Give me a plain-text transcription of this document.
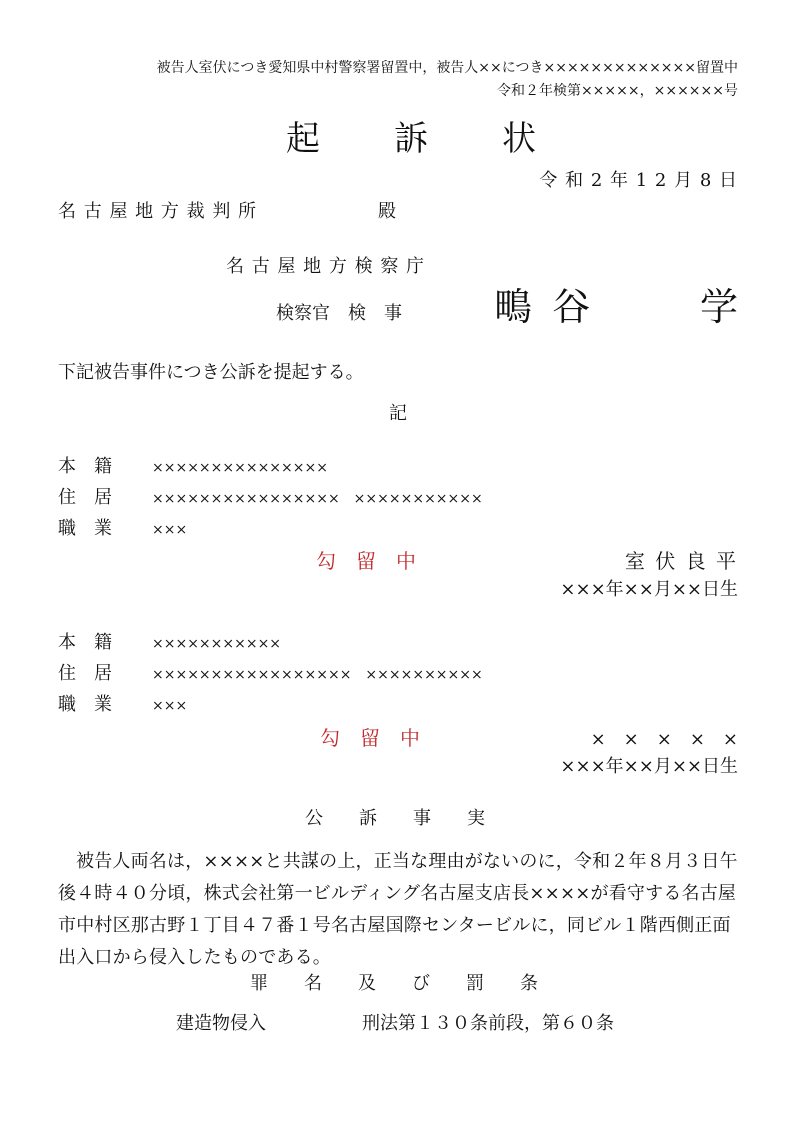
被告人室伏につき愛知県中村警察署留置中，被告人××につき×××××××××××××留置中
令和２年検第×××××，××××××号
起　　訴　　状
令 和 2 年 1 2 月 8 日
名 古 屋 地 方 裁 判 所	殿
名 古 屋 地 方 検 察 庁
検察官　検　事 鴫 谷	学
下記被告事件につき公訴を提起する。
記
本　籍	×××××××××××××××
住　居	××××××××××××××××　×××××××××××
職　業	×××
勾　留　中	室 伏 良 平
×××年××月××日生
本　籍	×××××××××××
住　居	×××××××××××××××××　××××××××××
職　業	×××
勾　留　中	×　×　×　×　×
×××年××月××日生
公　　訴　　事　　実
被告人両名は，××××と共謀の上，正当な理由がないのに，令和２年８月３日午後４時４０分頃，株式会社第一ビルディング名古屋支店長××××が看守する名古屋市中村区那古野１丁目４７番１号名古屋国際センタービルに，同ビル１階西側正面出入口から侵入したものである。
罪　　名　　及　　び　　罰　　条
建造物侵入	刑法第１３０条前段，第６０条
